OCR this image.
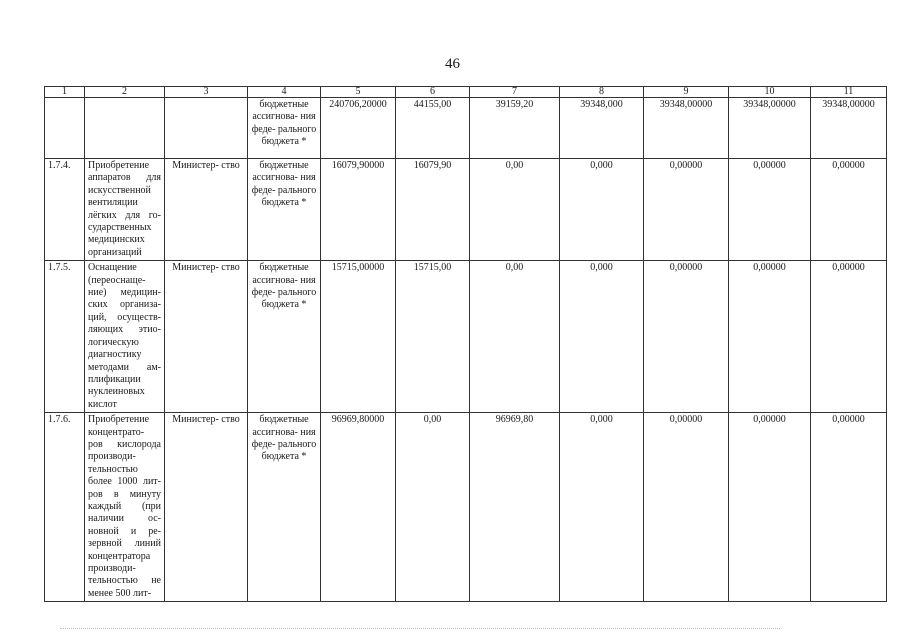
46
1	2	3	4	5	6	7	8	9	10	11
			бюджетные ассигнова- ния феде- рального бюджета *	240706,20000	44155,00	39159,20	39348,000	39348,00000	39348,00000	39348,00000
1.7.4.	Приобретение аппаратов для искусственной вентиляции лёгких для го- сударственных медицинских организаций	Министер- ство	бюджетные ассигнова- ния феде- рального бюджета *	16079,90000	16079,90	0,00	0,000	0,00000	0,00000	0,00000
1.7.5.	Оснащение (переоснаще- ние) медицин- ских организа- ций, осуществ- ляющих этио- логическую диагностику методами ам- плификации нуклеиновых кислот	Министер- ство	бюджетные ассигнова- ния феде- рального бюджета *	15715,00000	15715,00	0,00	0,000	0,00000	0,00000	0,00000
1.7.6.	Приобретение концентрато- ров кислорода производи- тельностью более 1000 лит- ров в минуту каждый (при наличии ос- новной и ре- зервной линий концентратора производи- тельностью не менее 500 лит-	Министер- ство	бюджетные ассигнова- ния феде- рального бюджета *	96969,80000	0,00	96969,80	0,000	0,00000	0,00000	0,00000
